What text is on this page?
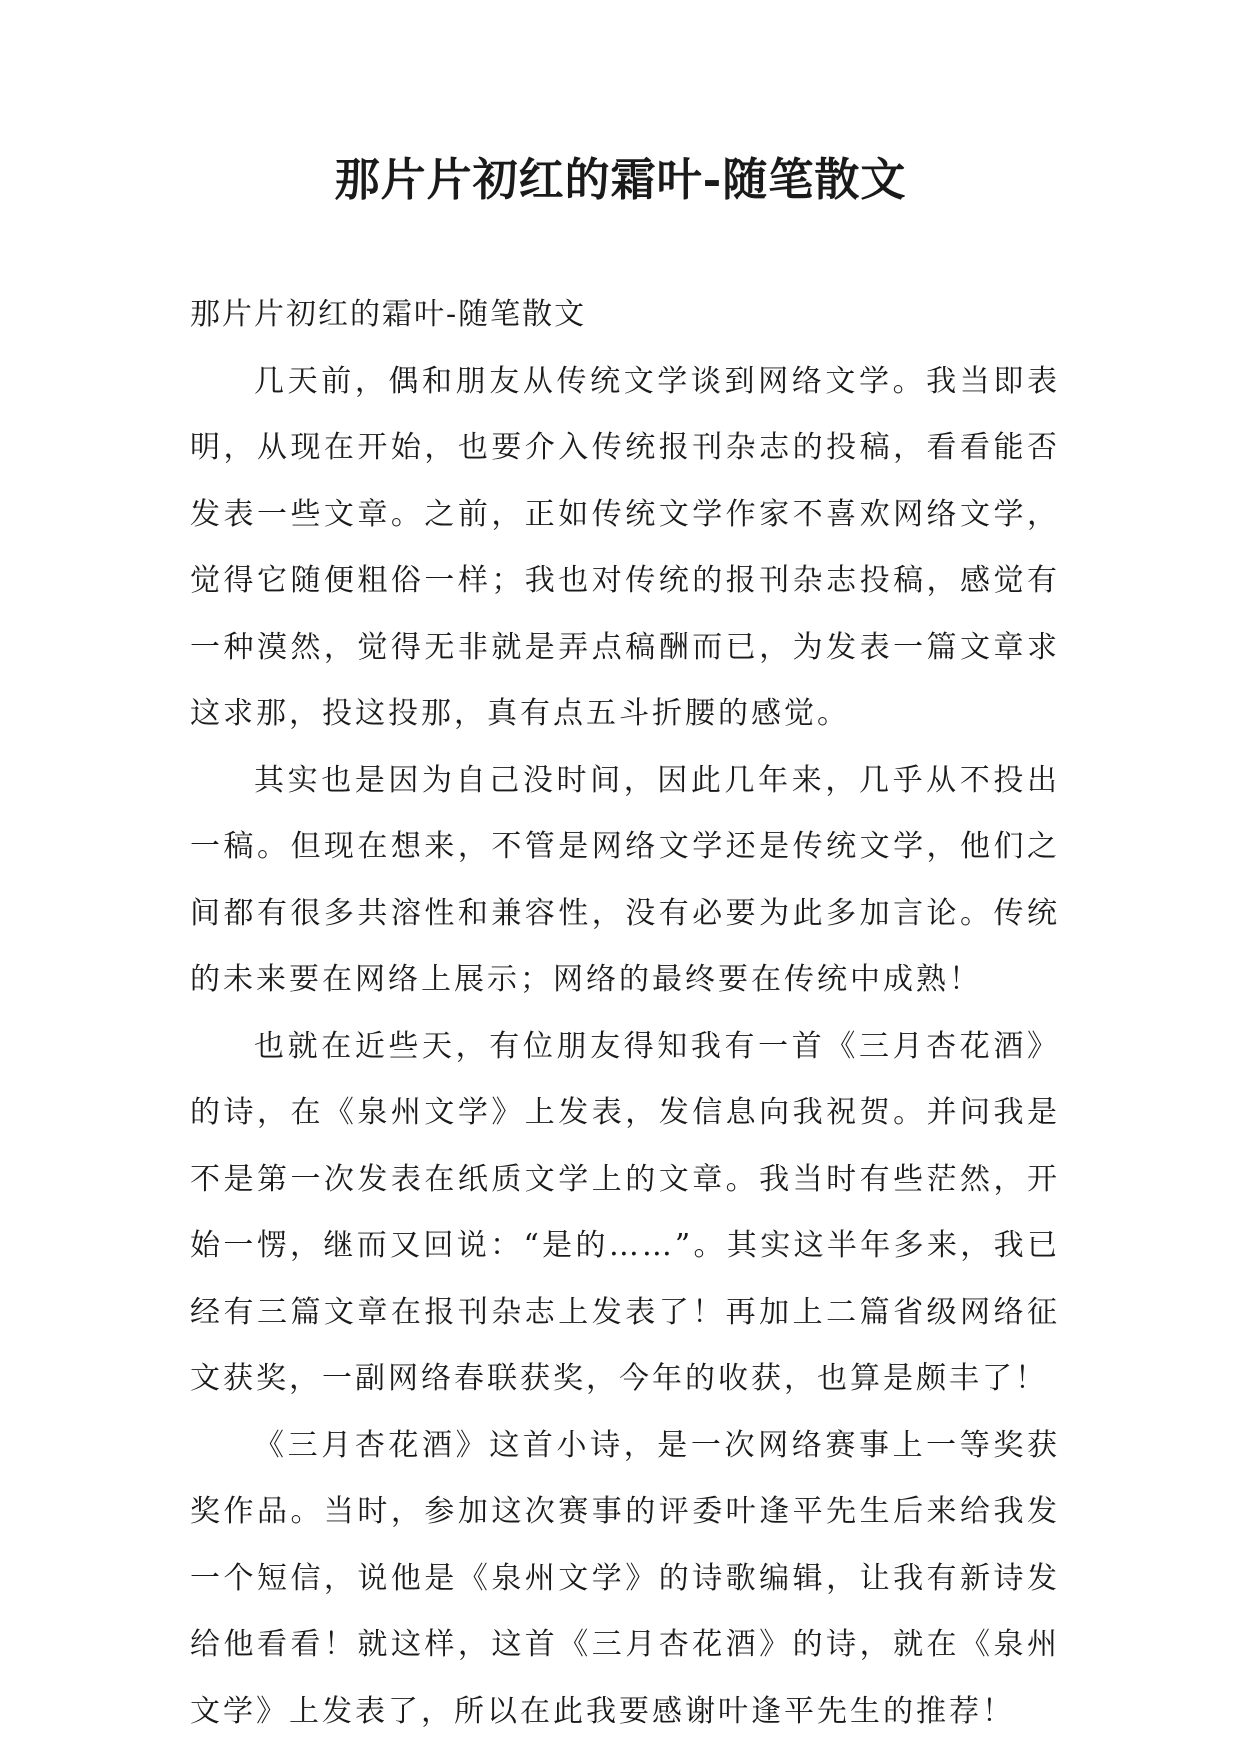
那片片初红的霜叶-随笔散文

那片片初红的霜叶-随笔散文

几天前，偶和朋友从传统文学谈到网络文学。我当即表明，从现在开始，也要介入传统报刊杂志的投稿，看看能否发表一些文章。之前，正如传统文学作家不喜欢网络文学，觉得它随便粗俗一样；我也对传统的报刊杂志投稿，感觉有一种漠然，觉得无非就是弄点稿酬而已，为发表一篇文章求这求那，投这投那，真有点五斗折腰的感觉。

其实也是因为自己没时间，因此几年来，几乎从不投出一稿。但现在想来，不管是网络文学还是传统文学，他们之间都有很多共溶性和兼容性，没有必要为此多加言论。传统的未来要在网络上展示；网络的最终要在传统中成熟！

也就在近些天，有位朋友得知我有一首《三月杏花酒》的诗，在《泉州文学》上发表，发信息向我祝贺。并问我是不是第一次发表在纸质文学上的文章。我当时有些茫然，开始一愣，继而又回说：“是的……”。其实这半年多来，我已经有三篇文章在报刊杂志上发表了！再加上二篇省级网络征文获奖，一副网络春联获奖，今年的收获，也算是颇丰了！

《三月杏花酒》这首小诗，是一次网络赛事上一等奖获奖作品。当时，参加这次赛事的评委叶逢平先生后来给我发一个短信，说他是《泉州文学》的诗歌编辑，让我有新诗发给他看看！就这样，这首《三月杏花酒》的诗，就在《泉州文学》上发表了，所以在此我要感谢叶逢平先生的推荐！
